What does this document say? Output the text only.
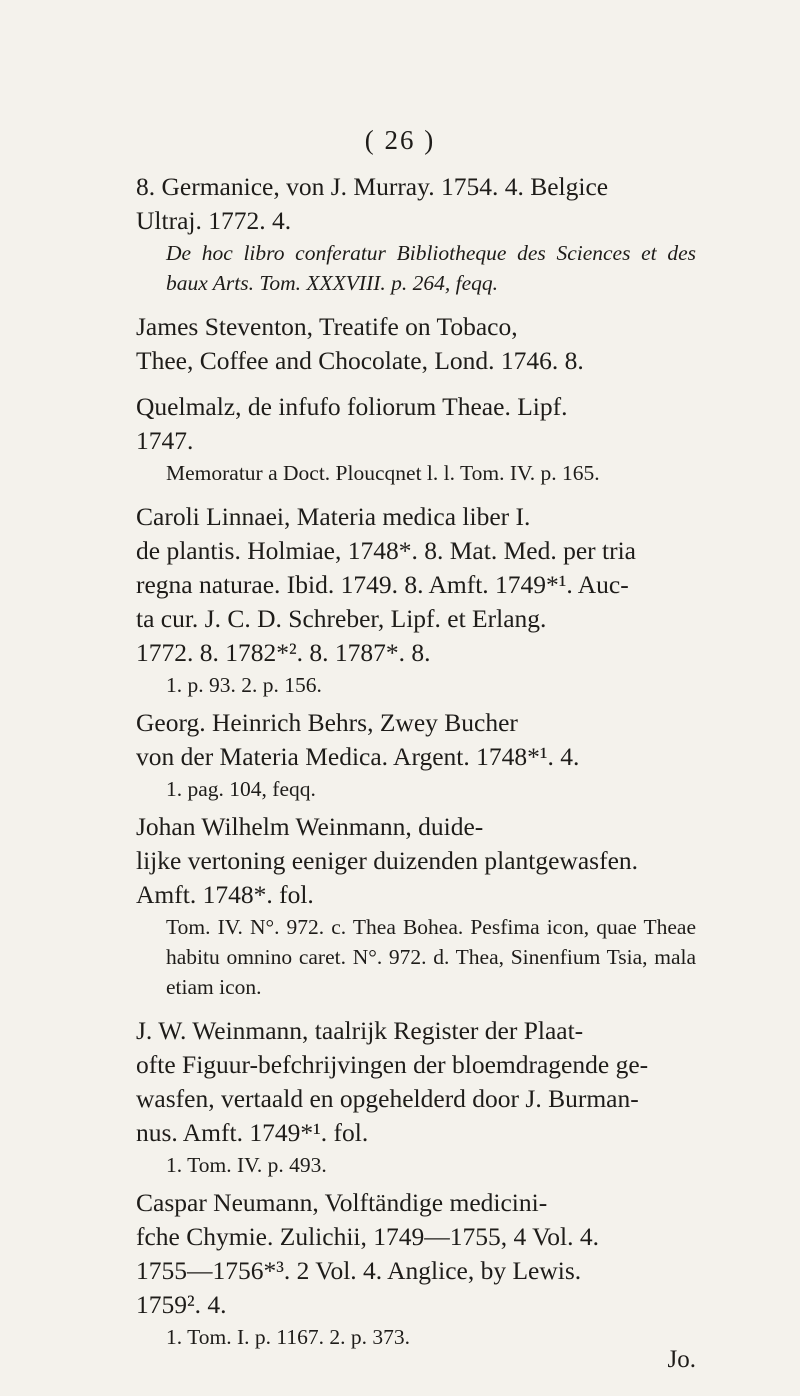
( 26 )

8. Germanice, von J. Murray. 1754. 4. Belgice

Ultraj. 1772. 4.

De hoc libro conferatur Bibliotheque des Sciences et des baux Arts. Tom. XXXVIII. p. 264, feqq.

James Steventon, Treatife on Tobaco,

Thee, Coffee and Chocolate, Lond. 1746. 8.

Quelmalz, de infufo foliorum Theae. Lipf.

1747.

Memoratur a Doct. Ploucqnet l. l. Tom. IV. p. 165.

Caroli Linnaei, Materia medica liber I.

de plantis. Holmiae, 1748*. 8. Mat. Med. per tria

regna naturae. Ibid. 1749. 8. Amft. 1749*¹. Auc-

ta cur. J. C. D. Schreber, Lipf. et Erlang.

1772. 8. 1782*². 8. 1787*. 8.

1. p. 93. 2. p. 156.

Georg. Heinrich Behrs, Zwey Bucher

von der Materia Medica. Argent. 1748*¹. 4.

1. pag. 104, feqq.

Johan Wilhelm Weinmann, duide-

lijke vertoning eeniger duizenden plantgewasfen.

Amft. 1748*. fol.

Tom. IV. N°. 972. c. Thea Bohea. Pesfima icon, quae Theae habitu omnino caret. N°. 972. d. Thea, Sinenfium Tsia, mala etiam icon.

J. W. Weinmann, taalrijk Register der Plaat-

ofte Figuur-befchrijvingen der bloemdragende ge-

wasfen, vertaald en opgehelderd door J. Burman-

nus. Amft. 1749*¹. fol.

1. Tom. IV. p. 493.

Caspar Neumann, Volftändige medicini-

fche Chymie. Zulichii, 1749—1755, 4 Vol. 4.

1755—1756*³. 2 Vol. 4. Anglice, by Lewis.

1759². 4.

1. Tom. I. p. 1167. 2. p. 373.

Jo.
